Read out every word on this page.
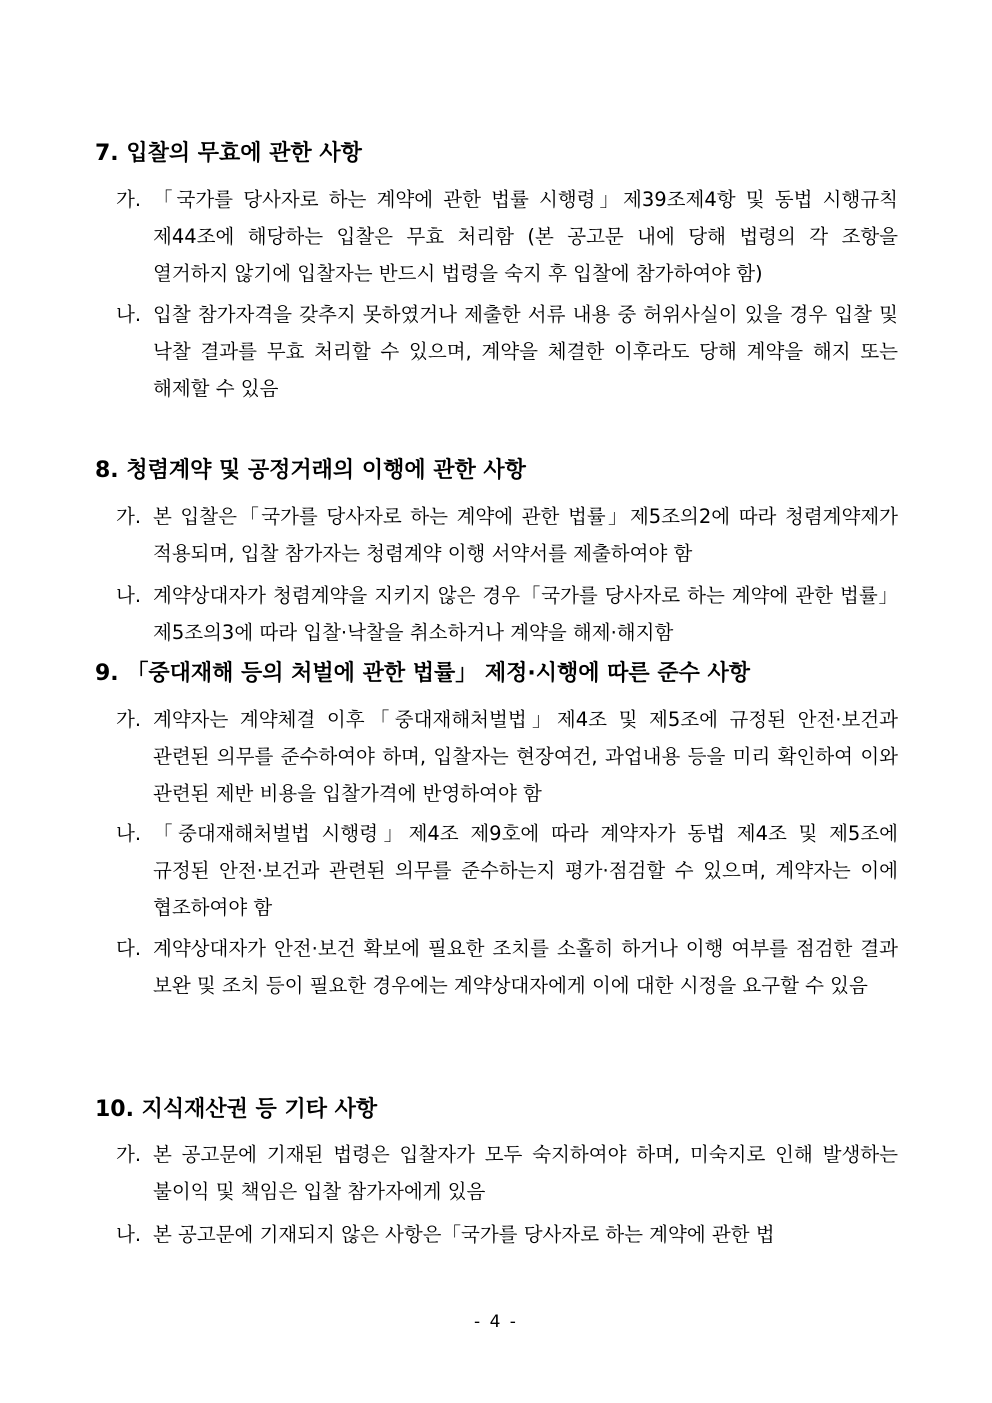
7. 입찰의 무효에 관한 사항
가. 「국가를 당사자로 하는 계약에 관한 법률 시행령」제39조제4항 및 동법 시행규칙 제44조에 해당하는 입찰은 무효 처리함 (본 공고문 내에 당해 법령의 각 조항을 열거하지 않기에 입찰자는 반드시 법령을 숙지 후 입찰에 참가하여야 함)
나. 입찰 참가자격을 갖추지 못하였거나 제출한 서류 내용 중 허위사실이 있을 경우 입찰 및 낙찰 결과를 무효 처리할 수 있으며, 계약을 체결한 이후라도 당해 계약을 해지 또는 해제할 수 있음
8. 청렴계약 및 공정거래의 이행에 관한 사항
가. 본 입찰은「국가를 당사자로 하는 계약에 관한 법률」제5조의2에 따라 청렴계약제가 적용되며, 입찰 참가자는 청렴계약 이행 서약서를 제출하여야 함
나. 계약상대자가 청렴계약을 지키지 않은 경우「국가를 당사자로 하는 계약에 관한 법률」제5조의3에 따라 입찰·낙찰을 취소하거나 계약을 해제·해지함
9. 「중대재해 등의 처벌에 관한 법률」 제정·시행에 따른 준수 사항
가. 계약자는 계약체결 이후「중대재해처벌법」제4조 및 제5조에 규정된 안전·보건과 관련된 의무를 준수하여야 하며, 입찰자는 현장여건, 과업내용 등을 미리 확인하여 이와 관련된 제반 비용을 입찰가격에 반영하여야 함
나. 「중대재해처벌법 시행령」제4조 제9호에 따라 계약자가 동법 제4조 및 제5조에 규정된 안전·보건과 관련된 의무를 준수하는지 평가·점검할 수 있으며, 계약자는 이에 협조하여야 함
다. 계약상대자가 안전·보건 확보에 필요한 조치를 소홀히 하거나 이행 여부를 점검한 결과 보완 및 조치 등이 필요한 경우에는 계약상대자에게 이에 대한 시정을 요구할 수 있음
10. 지식재산권 등 기타 사항
가. 본 공고문에 기재된 법령은 입찰자가 모두 숙지하여야 하며, 미숙지로 인해 발생하는 불이익 및 책임은 입찰 참가자에게 있음
나. 본 공고문에 기재되지 않은 사항은「국가를 당사자로 하는 계약에 관한 법
- 4 -
